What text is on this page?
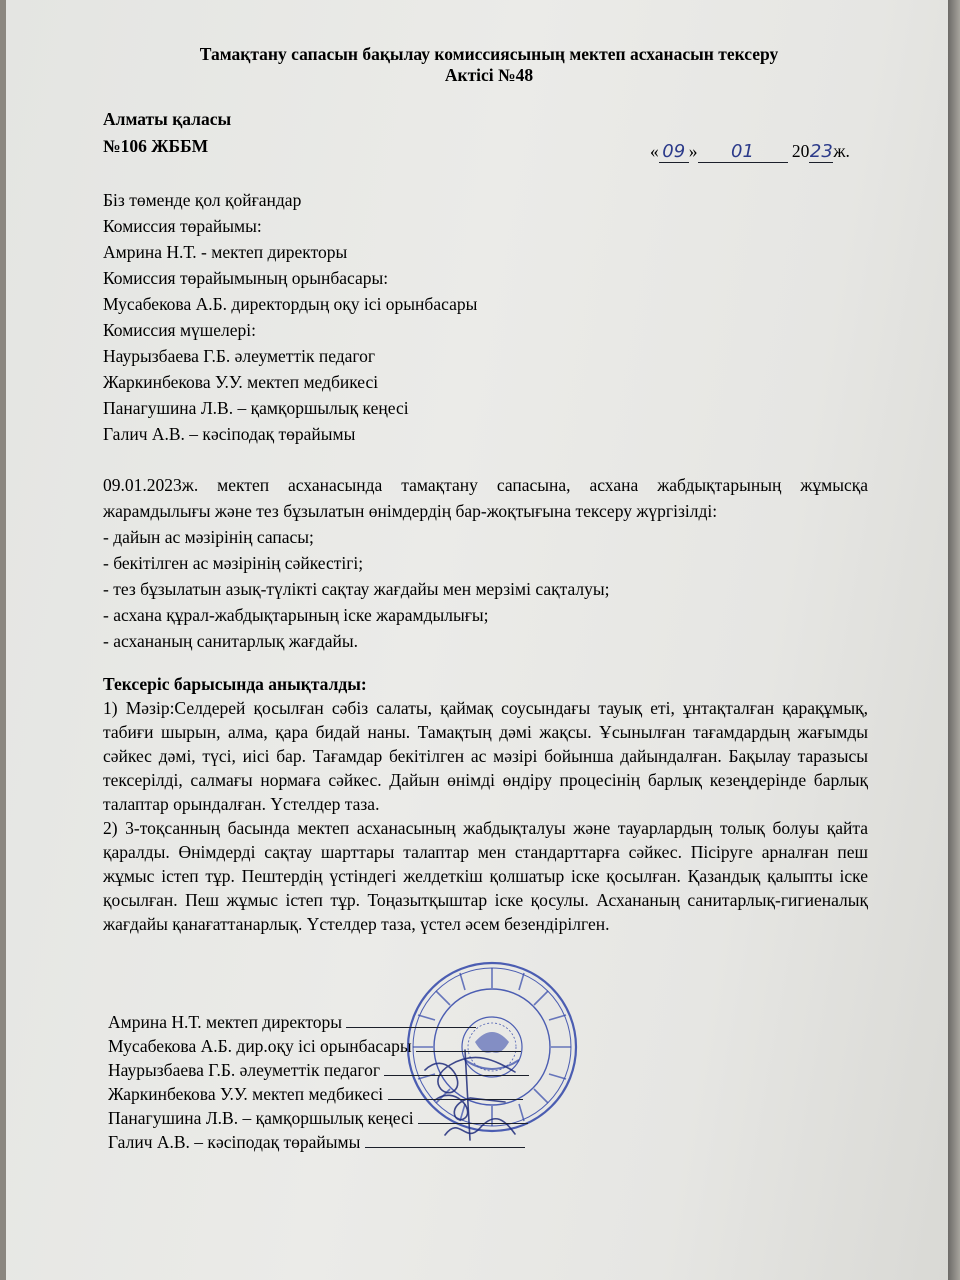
Тамақтану сапасын бақылау комиссиясының мектеп асханасын тексеру
Актісі №48
Алматы қаласы
№106 ЖББМ	« 09 » 01 2023ж.
Біз төменде қол қойғандар
Комиссия төрайымы:
Амрина Н.Т. - мектеп директоры
Комиссия төрайымының орынбасары:
Мусабекова А.Б. директордың оқу ісі орынбасары
Комиссия мүшелері:
Наурызбаева Г.Б. әлеуметтік педагог
Жаркинбекова У.У. мектеп медбикесі
Панагушина Л.В. – қамқоршылық кеңесі
Галич А.В. – кәсіподақ төрайымы
09.01.2023ж. мектеп асханасында тамақтану сапасына, асхана жабдықтарының жұмысқа
жарамдылығы және тез бұзылатын өнімдердің бар-жоқтығына тексеру жүргізілді:
- дайын ас мәзірінің сапасы;
- бекітілген ас мәзірінің сәйкестігі;
- тез бұзылатын азық-түлікті сақтау жағдайы мен мерзімі сақталуы;
- асхана құрал-жабдықтарының іске жарамдылығы;
- асхананың санитарлық жағдайы.
Тексеріс барысында анықталды:
1) Мәзір:Селдерей қосылған сәбіз салаты, қаймақ соусындағы тауық еті, ұнтақталған қарақұмық, табиғи шырын, алма, қара бидай наны. Тамақтың дәмі жақсы. Ұсынылған тағамдардың жағымды сәйкес дәмі, түсі, иісі бар. Тағамдар бекітілген ас мәзірі бойынша дайындалған. Бақылау таразысы тексерілді, салмағы нормаға сәйкес. Дайын өнімді өндіру процесінің барлық кезеңдерінде барлық талаптар орындалған. Үстелдер таза.
2) 3-тоқсанның басында мектеп асханасының жабдықталуы және тауарлардың толық болуы қайта қаралды. Өнімдерді сақтау шарттары талаптар мен стандарттарға сәйкес. Пісіруге арналған пеш жұмыс істеп тұр. Пештердің үстіндегі желдеткіш қолшатыр іске қосылған. Қазандық қалыпты іске қосылған. Пеш жұмыс істеп тұр. Тоңазытқыштар іске қосулы. Асхананың санитарлық-гигиеналық жағдайы қанағаттанарлық. Үстелдер таза, үстел әсем безендірілген.
Амрина Н.Т. мектеп директоры
Мусабекова А.Б. дир.оқу ісі орынбасары
Наурызбаева Г.Б. әлеуметтік педагог
Жаркинбекова У.У. мектеп медбикесі
Панагушина Л.В. – қамқоршылық кеңесі
Галич А.В. – кәсіподақ төрайымы
